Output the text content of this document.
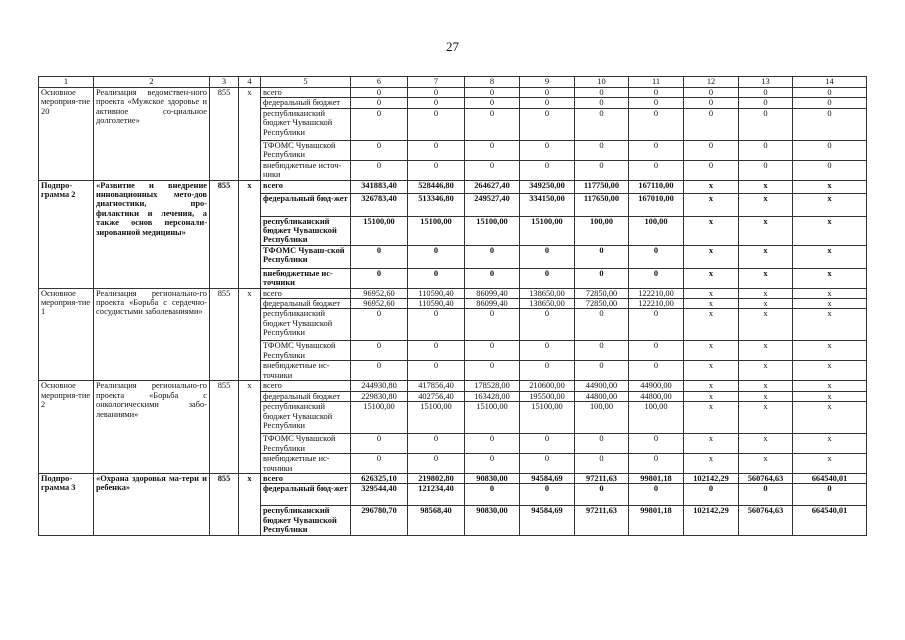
27
1	2	3	4	5	6	7	8	9	10	11	12	13	14
Основное мероприя-тие 20	Реализация ведомствен-ного проекта «Мужское здоровье и активное со-циальное долголетие»	855	x	всего	0	0	0	0	0	0	0	0	0
				федеральный бюджет	0	0	0	0	0	0	0	0	0
				республиканский бюджет Чувашской Республики	0	0	0	0	0	0	0	0	0
				ТФОМС Чувашской Республики	0	0	0	0	0	0	0	0	0
				внебюджетные источ-ники	0	0	0	0	0	0	0	0	0
Подпро-грамма 2	«Развитие и внедрение инновационных мето-дов диагностики, про-филактики и лечения, а также основ персонали-зированной медицины»	855	x	всего	341883,40	528446,80	264627,40	349250,00	117750,00	167110,00	x	x	x
				федеральный бюд-жет	326783,40	513346,80	249527,40	334150,00	117650,00	167010,00	x	x	x
				республиканский бюджет Чувашской Республики	15100,00	15100,00	15100,00	15100,00	100,00	100,00	x	x	x
				ТФОМС Чуваш-ской Республики	0	0	0	0	0	0	x	x	x
				внебюджетные ис-точники	0	0	0	0	0	0	x	x	x
Основное мероприя-тие 1	Реализация регионально-го проекта «Борьба с сердечно-сосудистыми заболеваниями»	855	x	всего	96952,60	110590,40	86099,40	138650,00	72850,00	122210,00	x	x	x
				федеральный бюджет	96952,60	110590,40	86099,40	138650,00	72850,00	122210,00	x	x	x
				республиканский бюджет Чувашской Республики	0	0	0	0	0	0	x	x	x
				ТФОМС Чувашской Республики	0	0	0	0	0	0	x	x	x
				внебюджетные ис-точники	0	0	0	0	0	0	x	x	x
Основное мероприя-тие 2	Реализация регионально-го проекта «Борьба с онкологическими забо-леваниями»	855	x	всего	244930,80	417856,40	178528,00	210600,00	44900,00	44900,00	x	x	x
				федеральный бюджет	229830,80	402756,40	163428,00	195500,00	44800,00	44800,00	x	x	x
				республиканский бюджет Чувашской Республики	15100,00	15100,00	15100,00	15100,00	100,00	100,00	x	x	x
				ТФОМС Чувашской Республики	0	0	0	0	0	0	x	x	x
				внебюджетные ис-точники	0	0	0	0	0	0	x	x	x
Подпро-грамма 3	«Охрана здоровья ма-тери и ребенка»	855	x	всего	626325,10	219802,80	90830,00	94584,69	97211,63	99801,18	102142,29	560764,63	664540,01
				федеральный бюд-жет	329544,40	121234,40	0	0	0	0	0	0	0
				республиканский бюджет Чувашской Республики	296780,70	98568,40	90830,00	94584,69	97211,63	99801,18	102142,29	560764,63	664540,01
